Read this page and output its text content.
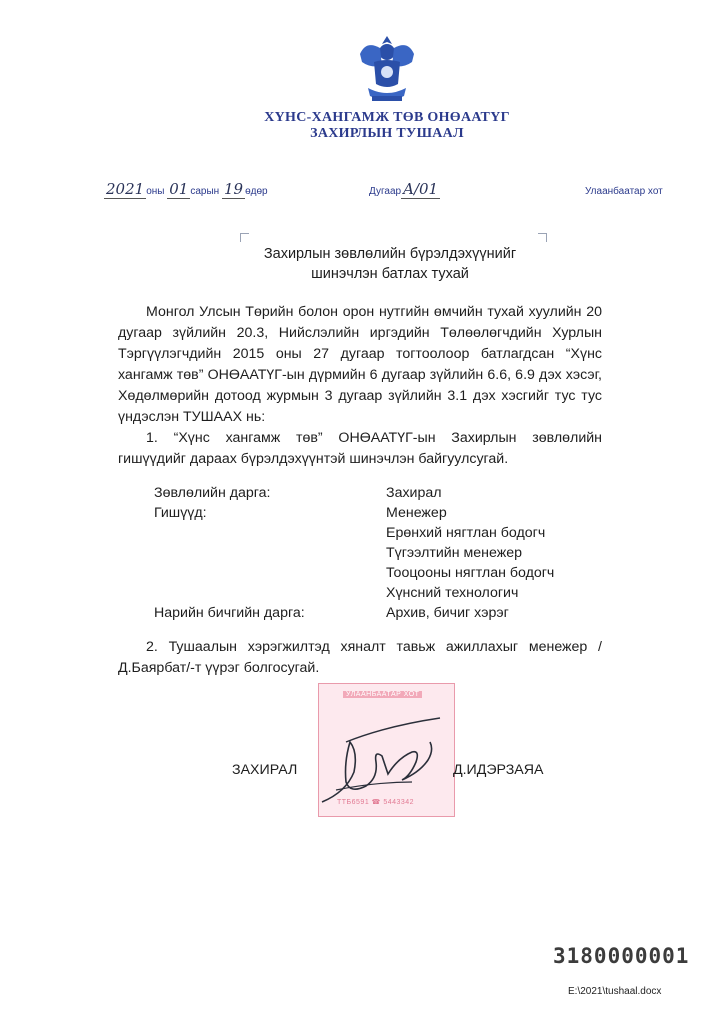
ХҮНС-ХАНГАМЖ ТӨВ ОНӨААТҮГ
ЗАХИРЛЫН ТУШААЛ
2021 оны 01 сарын 19 өдөр	Дугаар A/01	Улаанбаатар хот
Захирлын зөвлөлийн бүрэлдэхүүнийг
шинэчлэн батлах тухай
Монгол Улсын Төрийн болон орон нутгийн өмчийн тухай хуулийн 20 дугаар зүйлийн 20.3, Нийслэлийн иргэдийн Төлөөлөгчдийн Хурлын Тэргүүлэгчдийн 2015 оны 27 дугаар тогтоолоор батлагдсан “Хүнс хангамж төв” ОНӨААТҮГ-ын дүрмийн 6 дугаар зүйлийн 6.6, 6.9 дэх хэсэг, Хөдөлмөрийн дотоод журмын 3 дугаар зүйлийн 3.1 дэх хэсгийг тус тус үндэслэн ТУШААХ нь:
1. “Хүнс хангамж төв” ОНӨААТҮГ-ын Захирлын зөвлөлийн гишүүдийг дараах бүрэлдэхүүнтэй шинэчлэн байгуулсугай.
Зөвлөлийн дарга:	Захирал
Гишүүд:	Менежер
Ерөнхий нягтлан бодогч
Түгээлтийн менежер
Тооцооны нягтлан бодогч
Хүнсний технологич
Нарийн бичгийн дарга:	Архив, бичиг хэрэг
2. Тушаалын хэрэгжилтэд хяналт тавьж ажиллахыг менежер /Д.Баярбат/-т үүрэг болгосугай.
УЛААНБААТАР ХОТ
ТТБ6591 ☎ 5443342
ЗАХИРАЛ	Д.ИДЭРЗАЯА
3180000001
E:\2021\tushaal.docx
